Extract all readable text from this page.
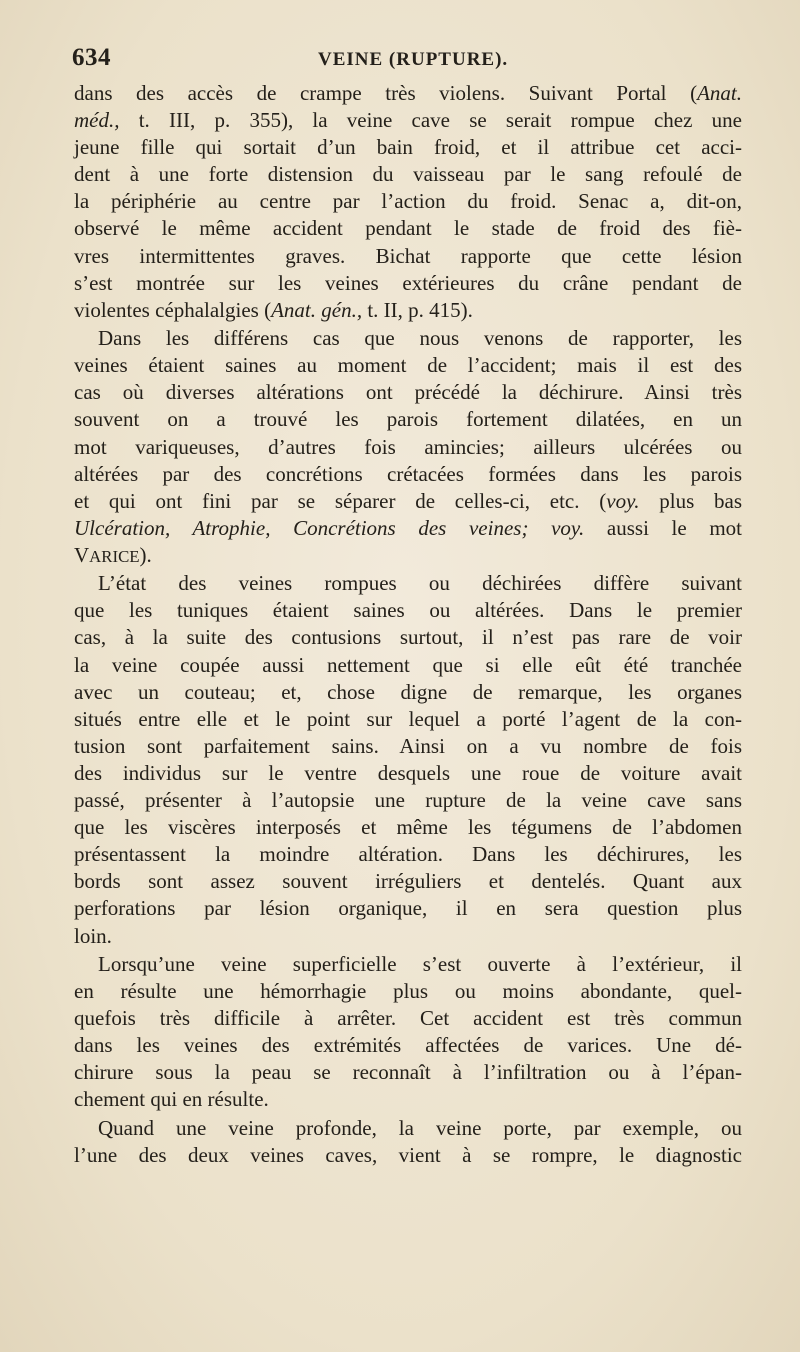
634	VEINE (RUPTURE).
dans des accès de crampe très violens. Suivant Portal (Anat.
méd., t. III, p. 355), la veine cave se serait rompue chez une
jeune fille qui sortait d’un bain froid, et il attribue cet acci-
dent à une forte distension du vaisseau par le sang refoulé de
la périphérie au centre par l’action du froid. Senac a, dit-on,
observé le même accident pendant le stade de froid des fiè-
vres intermittentes graves. Bichat rapporte que cette lésion
s’est montrée sur les veines extérieures du crâne pendant de
violentes céphalalgies (Anat. gén., t. II, p. 415).
Dans les différens cas que nous venons de rapporter, les
veines étaient saines au moment de l’accident; mais il est des
cas où diverses altérations ont précédé la déchirure. Ainsi très
souvent on a trouvé les parois fortement dilatées, en un
mot variqueuses, d’autres fois amincies; ailleurs ulcérées ou
altérées par des concrétions crétacées formées dans les parois
et qui ont fini par se séparer de celles-ci, etc. (voy. plus bas
Ulcération, Atrophie, Concrétions des veines; voy. aussi le mot
VARICE).
L’état des veines rompues ou déchirées diffère suivant
que les tuniques étaient saines ou altérées. Dans le premier
cas, à la suite des contusions surtout, il n’est pas rare de voir
la veine coupée aussi nettement que si elle eût été tranchée
avec un couteau; et, chose digne de remarque, les organes
situés entre elle et le point sur lequel a porté l’agent de la con-
tusion sont parfaitement sains. Ainsi on a vu nombre de fois
des individus sur le ventre desquels une roue de voiture avait
passé, présenter à l’autopsie une rupture de la veine cave sans
que les viscères interposés et même les tégumens de l’abdomen
présentassent la moindre altération. Dans les déchirures, les
bords sont assez souvent irréguliers et dentelés. Quant aux
perforations par lésion organique, il en sera question plus
loin.
Lorsqu’une veine superficielle s’est ouverte à l’extérieur, il
en résulte une hémorrhagie plus ou moins abondante, quel-
quefois très difficile à arrêter. Cet accident est très commun
dans les veines des extrémités affectées de varices. Une dé-
chirure sous la peau se reconnaît à l’infiltration ou à l’épan-
chement qui en résulte.
Quand une veine profonde, la veine porte, par exemple, ou
l’une des deux veines caves, vient à se rompre, le diagnostic
